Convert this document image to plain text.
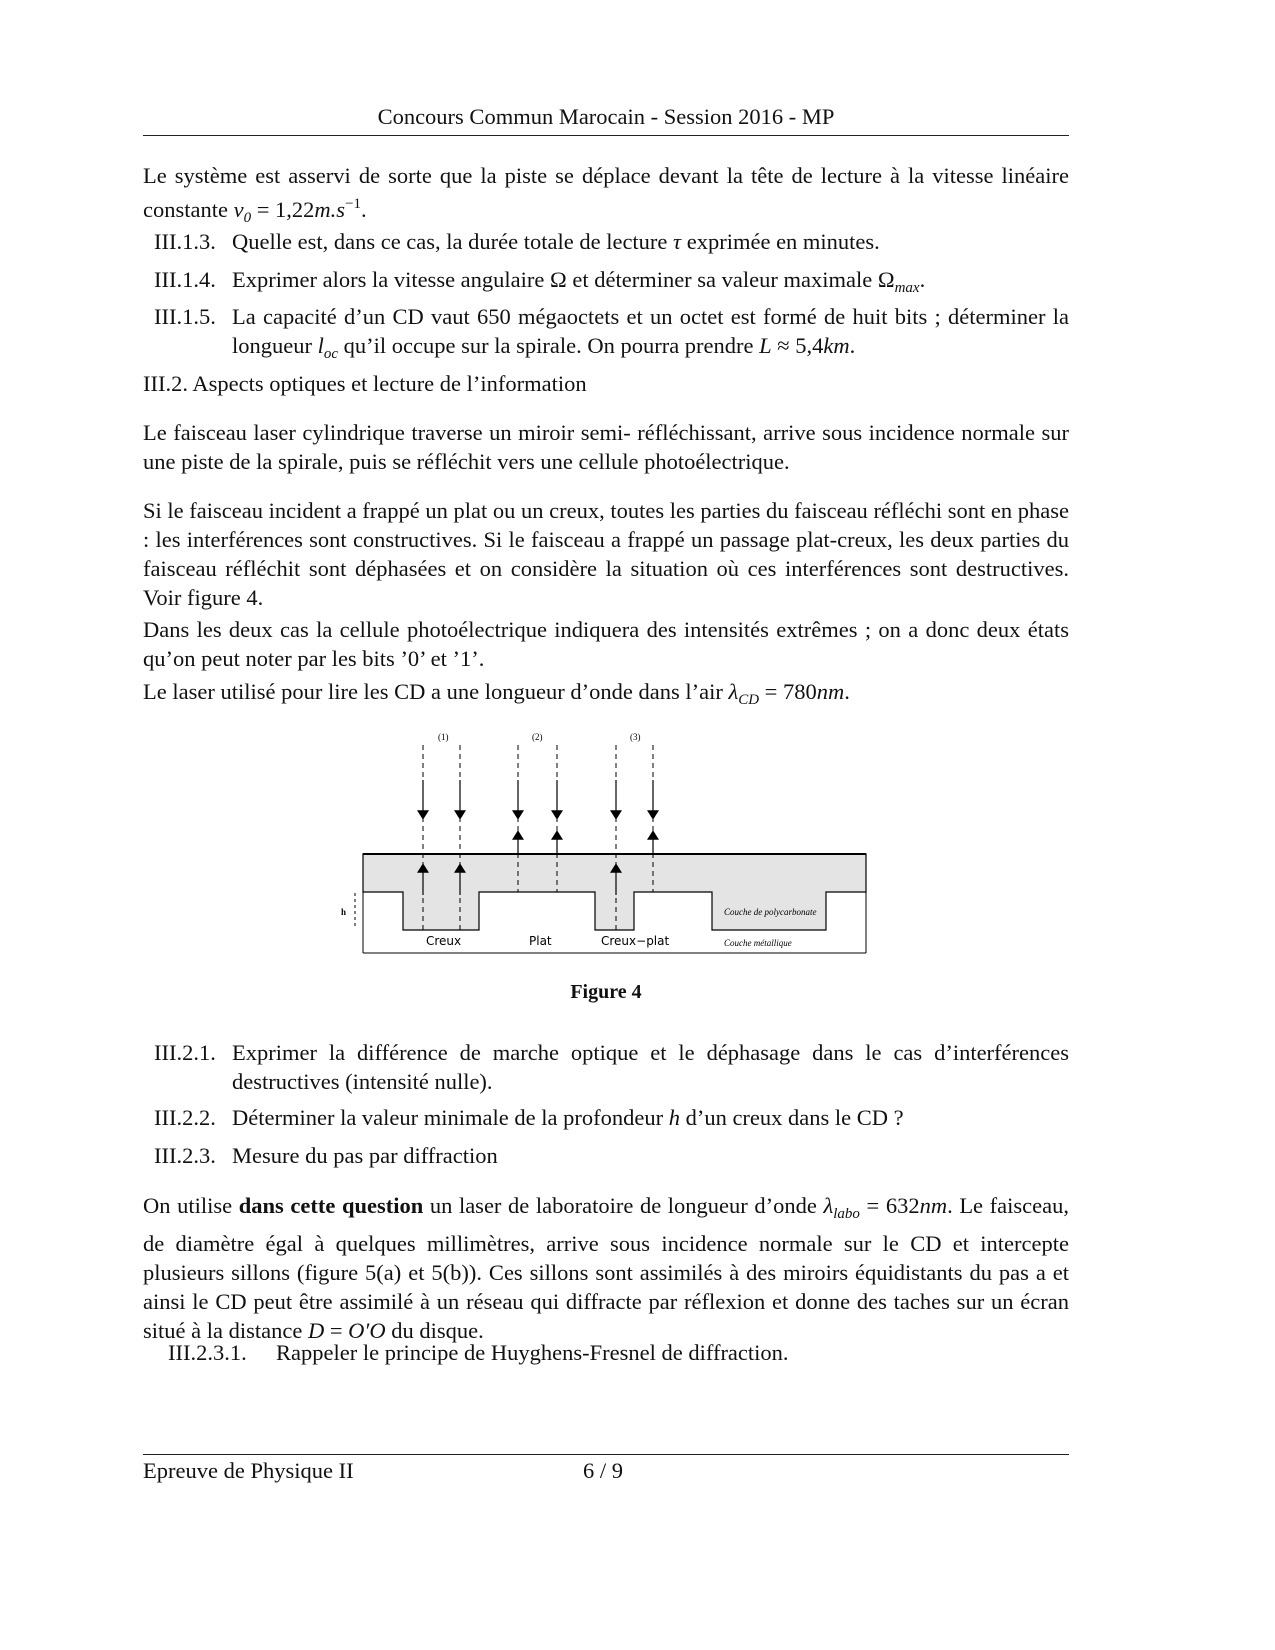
Concours Commun Marocain - Session 2016 - MP
Le système est asservi de sorte que la piste se déplace devant la tête de lecture à la vitesse linéaire constante $v_0 = 1,22m.s^{-1}$.
III.1.3. Quelle est, dans ce cas, la durée totale de lecture τ exprimée en minutes.
III.1.4. Exprimer alors la vitesse angulaire Ω et déterminer sa valeur maximale $\Omega_{max}$.
III.1.5. La capacité d’un CD vaut 650 mégaoctets et un octet est formé de huit bits ; déterminer la longueur $l_{oc}$ qu’il occupe sur la spirale. On pourra prendre L ≈ 5,4km.
III.2. Aspects optiques et lecture de l’information
Le faisceau laser cylindrique traverse un miroir semi- réfléchissant, arrive sous incidence normale sur une piste de la spirale, puis se réfléchit vers une cellule photoélectrique.
Si le faisceau incident a frappé un plat ou un creux, toutes les parties du faisceau réfléchi sont en phase : les interférences sont constructives. Si le faisceau a frappé un passage plat-creux, les deux parties du faisceau réfléchit sont déphasées et on considère la situation où ces interférences sont destructives. Voir figure 4.
Dans les deux cas la cellule photoélectrique indiquera des intensités extrêmes ; on a donc deux états qu’on peut noter par les bits ’0’ et ’1’.
Le laser utilisé pour lire les CD a une longueur d’onde dans l’air $\lambda_{CD} = 780nm$.
(1)	(2)	(3)
h	Couche de polycarbonate
Couche métallique
Creux	Plat	Creux−plat
Figure 4
III.2.1. Exprimer la différence de marche optique et le déphasage dans le cas d’interférences destructives (intensité nulle).
III.2.2. Déterminer la valeur minimale de la profondeur h d’un creux dans le CD ?
III.2.3. Mesure du pas par diffraction
On utilise dans cette question un laser de laboratoire de longueur d’onde $\lambda_{labo} = 632nm$. Le faisceau, de diamètre égal à quelques millimètres, arrive sous incidence normale sur le CD et intercepte plusieurs sillons (figure 5(a) et 5(b)). Ces sillons sont assimilés à des miroirs équidistants du pas a et ainsi le CD peut être assimilé à un réseau qui diffracte par réflexion et donne des taches sur un écran situé à la distance D = O′O du disque.
III.2.3.1.	Rappeler le principe de Huyghens-Fresnel de diffraction.
Epreuve de Physique II	6 / 9
